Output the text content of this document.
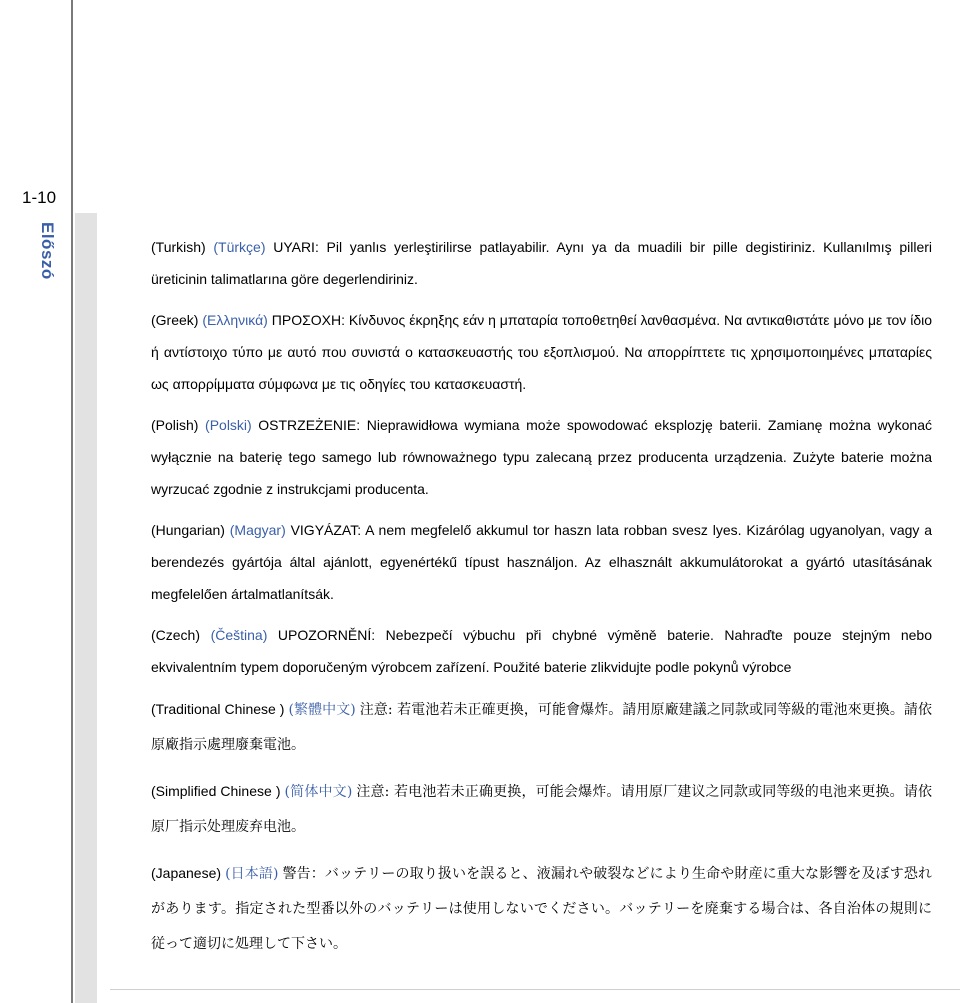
1-10
Előszó	(Turkish) (Türkçe) UYARI: Pil yanlıs yerleştirilirse patlayabilir. Aynı ya da muadili bir pille degistiriniz. Kullanılmış pilleri üreticinin talimatlarına göre degerlendiriniz.

(Greek) (Ελληνικά) ΠΡΟΣΟΧΗ: Κίνδυνος έκρηξης εάν η μπαταρία τοποθετηθεί λανθασμένα. Να αντικαθιστάτε μόνο με τον ίδιο ή αντίστοιχο τύπο με αυτό που συνιστά ο κατασκευαστής του εξοπλισμού. Να απορρίπτετε τις χρησιμοποιημένες μπαταρίες ως απορρίμματα σύμφωνα με τις οδηγίες του κατασκευαστή.

(Polish) (Polski) OSTRZEŻENIE: Nieprawidłowa wymiana może spowodować eksplozję baterii. Zamianę można wykonać wyłącznie na baterię tego samego lub równoważnego typu zalecaną przez producenta urządzenia. Zużyte baterie można wyrzucać zgodnie z instrukcjami producenta.

(Hungarian) (Magyar) VIGYÁZAT: A nem megfelelő akkumul tor haszn lata robban svesz lyes. Kizárólag ugyanolyan, vagy a berendezés gyártója által ajánlott, egyenértékű típust használjon. Az elhasznált akkumulátorokat a gyártó utasításának megfelelően ártalmatlanítsák.

(Czech) (Čeština) UPOZORNĚNÍ: Nebezpečí výbuchu při chybné výměně baterie. Nahraďte pouze stejným nebo ekvivalentním typem doporučeným výrobcem zařízení. Použité baterie zlikvidujte podle pokynů výrobce

(Traditional Chinese ) (繁體中文) 注意: 若電池若未正確更換，可能會爆炸。請用原廠建議之同款或同等級的電池來更換。請依原廠指示處理廢棄電池。

(Simplified Chinese ) (简体中文) 注意: 若电池若未正确更换，可能会爆炸。请用原厂建议之同款或同等级的电池来更换。请依原厂指示处理废弃电池。

(Japanese) (日本語) 警告：バッテリーの取り扱いを誤ると、液漏れや破裂などにより生命や財産に重大な影響を及ぼす恐れがあります。指定された型番以外のバッテリーは使用しないでください。バッテリーを廃棄する場合は、各自治体の規則に従って適切に処理して下さい。
